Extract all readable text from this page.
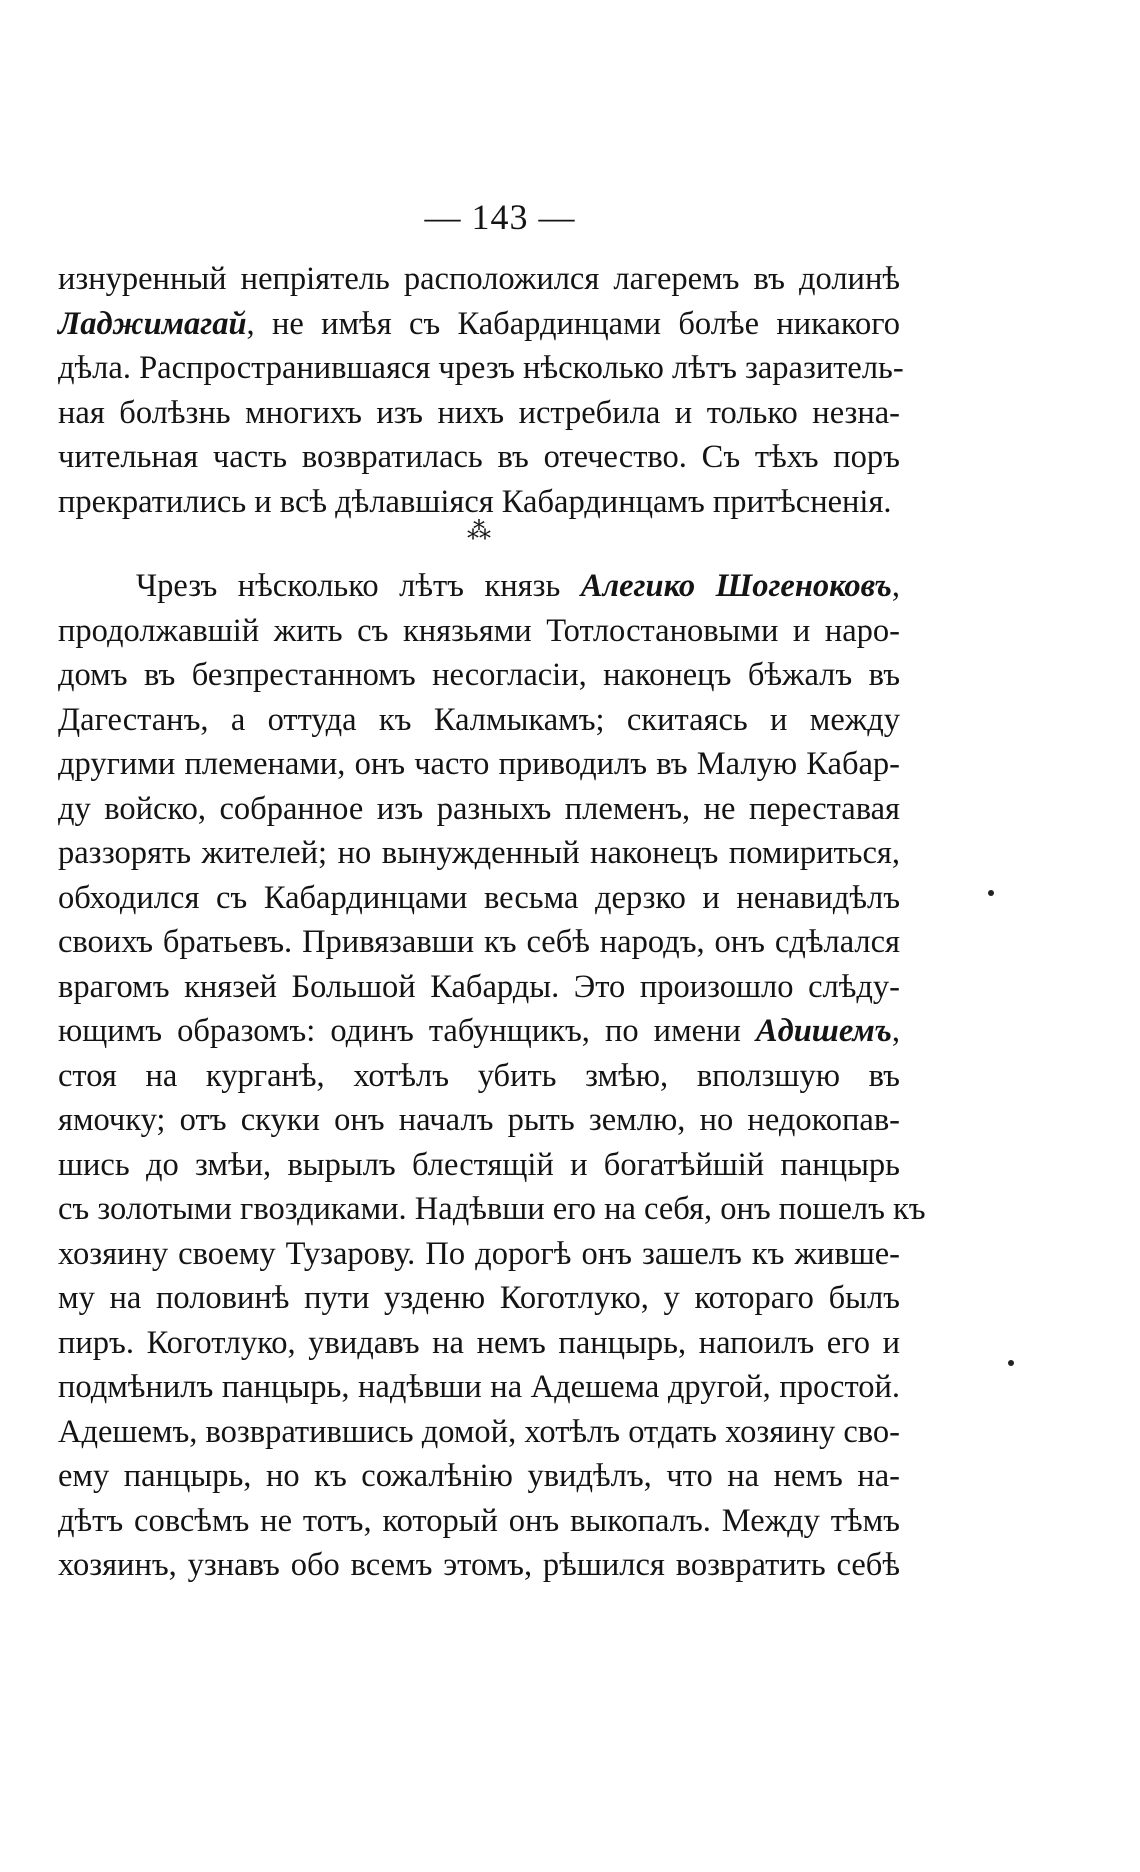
— 143 —
изнуренный непріятель расположился лагеремъ въ долинѣ
Ладжимагай, не имѣя съ Кабардинцами болѣе никакого
дѣла. Распространившаяся чрезъ нѣсколько лѣтъ заразитель-
ная болѣзнь многихъ изъ нихъ истребила и только незна-
чительная часть возвратилась въ отечество. Съ тѣхъ поръ
прекратились и всѣ дѣлавшіяся Кабардинцамъ притѣсненія.
⁂
Чрезъ нѣсколько лѣтъ князь Алегико Шогеноковъ,
продолжавшій жить съ князьями Тотлостановыми и наро-
домъ въ безпрестанномъ несогласіи, наконецъ бѣжалъ въ
Дагестанъ, а оттуда къ Калмыкамъ; скитаясь и между
другими племенами, онъ часто приводилъ въ Малую Кабар-
ду войско, собранное изъ разныхъ племенъ, не переставая
раззорять жителей; но вынужденный наконецъ помириться,
обходился съ Кабардинцами весьма дерзко и ненавидѣлъ
своихъ братьевъ. Привязавши къ себѣ народъ, онъ сдѣлался
врагомъ князей Большой Кабарды. Это произошло слѣду-
ющимъ образомъ: одинъ табунщикъ, по имени Адишемъ,
стоя на курганѣ, хотѣлъ убить змѣю, вползшую въ
ямочку; отъ скуки онъ началъ рыть землю, но недокопав-
шись до змѣи, вырылъ блестящій и богатѣйшій панцырь
съ золотыми гвоздиками. Надѣвши его на себя, онъ пошелъ къ
хозяину своему Тузарову. По дорогѣ онъ зашелъ къ живше-
му на половинѣ пути узденю Коготлуко, у котораго былъ
пиръ. Коготлуко, увидавъ на немъ панцырь, напоилъ его и
подмѣнилъ панцырь, надѣвши на Адешема другой, простой.
Адешемъ, возвратившись домой, хотѣлъ отдать хозяину сво-
ему панцырь, но къ сожалѣнію увидѣлъ, что на немъ на-
дѣтъ совсѣмъ не тотъ, который онъ выкопалъ. Между тѣмъ
хозяинъ, узнавъ обо всемъ этомъ, рѣшился возвратить себѣ
